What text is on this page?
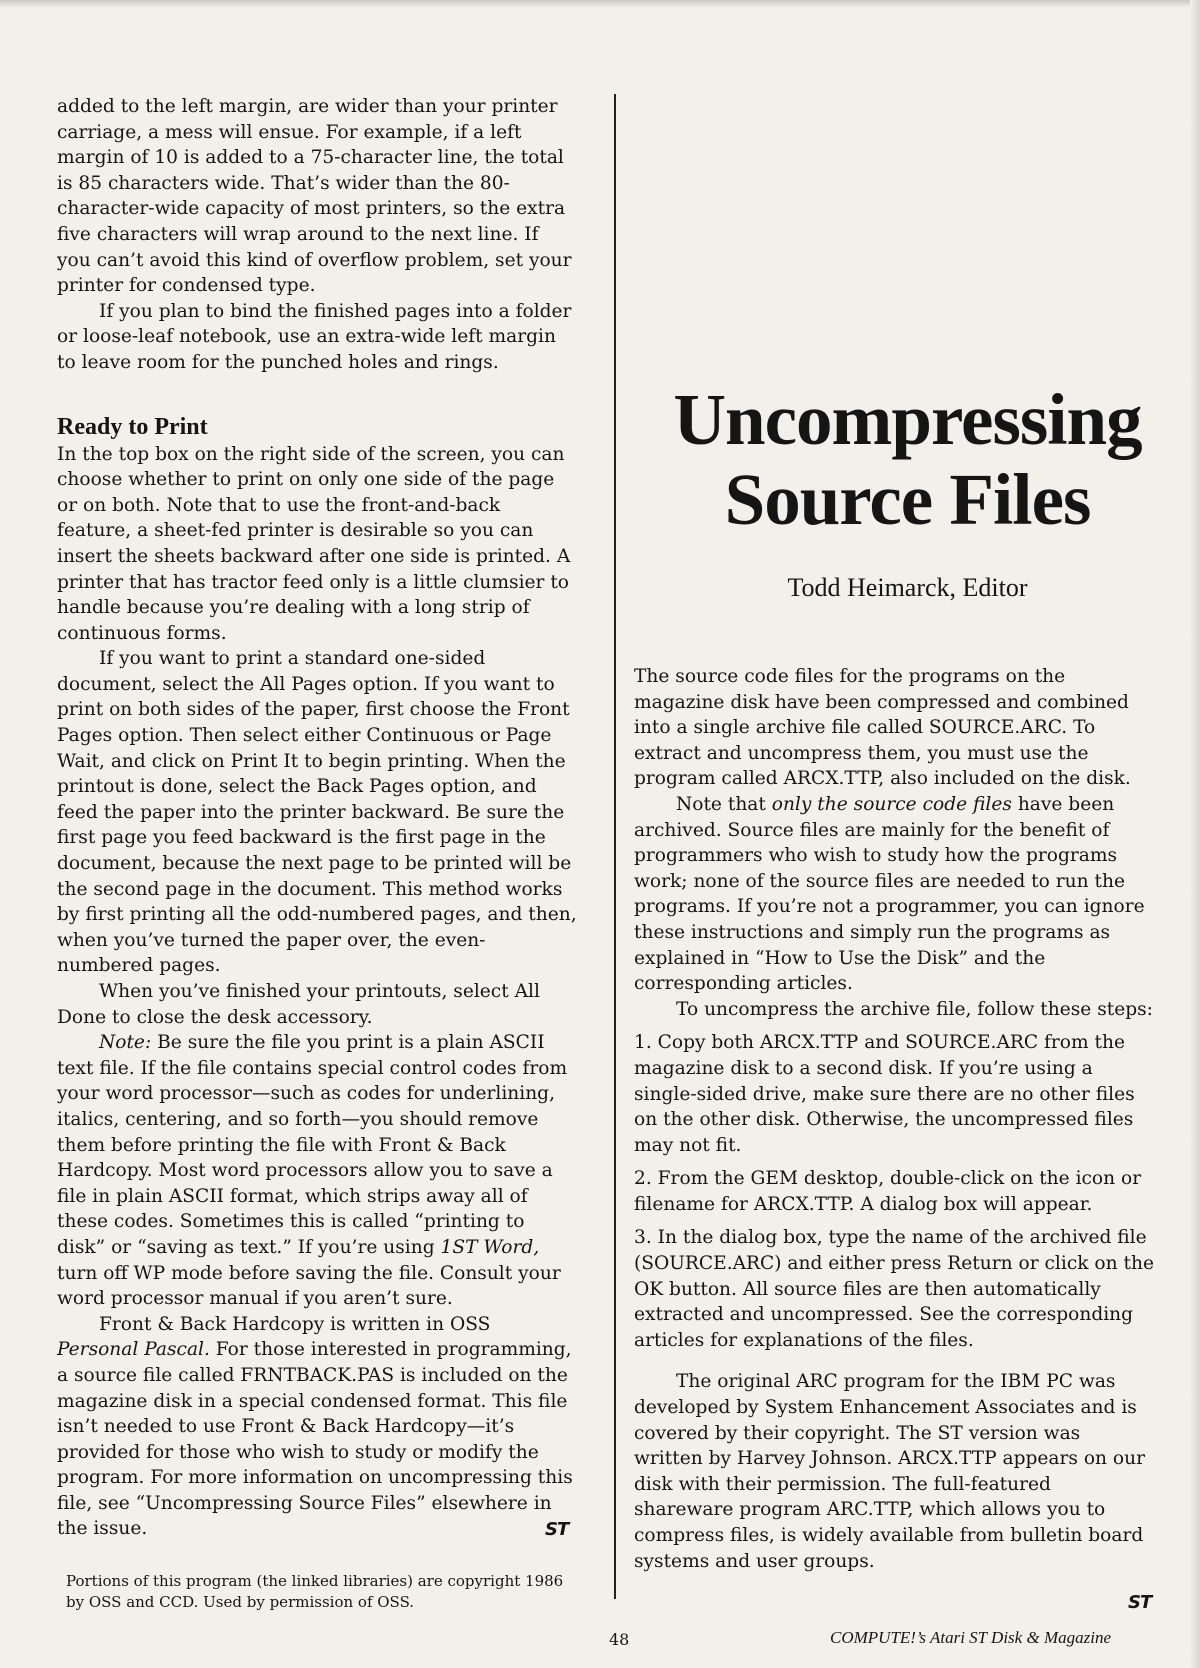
added to the left margin, are wider than your printer carriage, a mess will ensue. For example, if a left margin of 10 is added to a 75-character line, the total is 85 characters wide. That’s wider than the 80-character-wide capacity of most printers, so the extra five characters will wrap around to the next line. If you can’t avoid this kind of overflow problem, set your printer for condensed type.

If you plan to bind the finished pages into a folder or loose-leaf notebook, use an extra-wide left margin to leave room for the punched holes and rings.

Ready to Print

In the top box on the right side of the screen, you can choose whether to print on only one side of the page or on both. Note that to use the front-and-back feature, a sheet-fed printer is desirable so you can insert the sheets backward after one side is printed. A printer that has tractor feed only is a little clumsier to handle because you’re dealing with a long strip of continuous forms.

If you want to print a standard one-sided document, select the All Pages option. If you want to print on both sides of the paper, first choose the Front Pages option. Then select either Continuous or Page Wait, and click on Print It to begin printing. When the printout is done, select the Back Pages option, and feed the paper into the printer backward. Be sure the first page you feed backward is the first page in the document, because the next page to be printed will be the second page in the document. This method works by first printing all the odd-numbered pages, and then, when you’ve turned the paper over, the even-numbered pages.

When you’ve finished your printouts, select All Done to close the desk accessory.

Note: Be sure the file you print is a plain ASCII text file. If the file contains special control codes from your word processor—such as codes for underlining, italics, centering, and so forth—you should remove them before printing the file with Front & Back Hardcopy. Most word processors allow you to save a file in plain ASCII format, which strips away all of these codes. Sometimes this is called “printing to disk” or “saving as text.” If you’re using 1ST Word, turn off WP mode before saving the file. Consult your word processor manual if you aren’t sure.

Front & Back Hardcopy is written in OSS Personal Pascal. For those interested in programming, a source file called FRNTBACK.PAS is included on the magazine disk in a special condensed format. This file isn’t needed to use Front & Back Hardcopy—it’s provided for those who wish to study or modify the program. For more information on uncompressing this file, see “Uncompressing Source Files” elsewhere in the issue.	ST
Portions of this program (the linked libraries) are copyright 1986 by OSS and CCD. Used by permission of OSS.
Uncompressing
Source Files
Todd Heimarck, Editor

The source code files for the programs on the magazine disk have been compressed and combined into a single archive file called SOURCE.ARC. To extract and uncompress them, you must use the program called ARCX.TTP, also included on the disk.

Note that only the source code files have been archived. Source files are mainly for the benefit of programmers who wish to study how the programs work; none of the source files are needed to run the programs. If you’re not a programmer, you can ignore these instructions and simply run the programs as explained in “How to Use the Disk” and the corresponding articles.

To uncompress the archive file, follow these steps:

1. Copy both ARCX.TTP and SOURCE.ARC from the magazine disk to a second disk. If you’re using a single-sided drive, make sure there are no other files on the other disk. Otherwise, the uncompressed files may not fit.

2. From the GEM desktop, double-click on the icon or filename for ARCX.TTP. A dialog box will appear.

3. In the dialog box, type the name of the archived file (SOURCE.ARC) and either press Return or click on the OK button. All source files are then automatically extracted and uncompressed. See the corresponding articles for explanations of the files.

The original ARC program for the IBM PC was developed by System Enhancement Associates and is covered by their copyright. The ST version was written by Harvey Johnson. ARCX.TTP appears on our disk with their permission. The full-featured shareware program ARC.TTP, which allows you to compress files, is widely available from bulletin board systems and user groups.

ST
48	COMPUTE!’s Atari ST Disk & Magazine
